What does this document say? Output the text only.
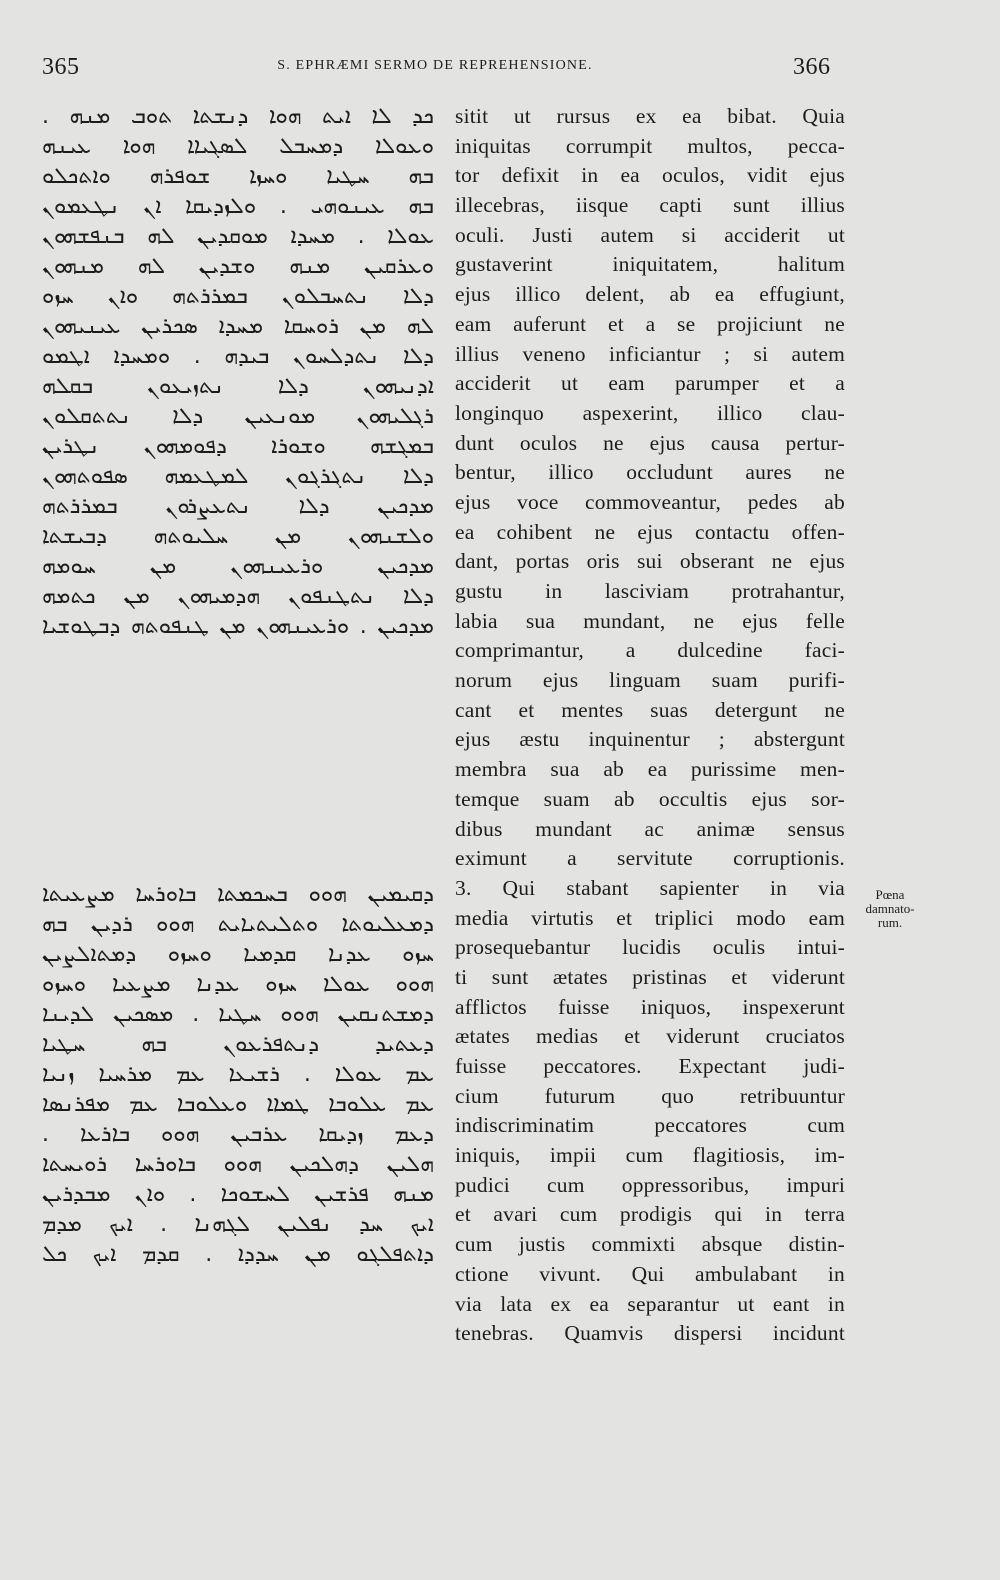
365	S. EPHRÆMI SERMO DE REPREHENSIONE.	366
ܟܕ ܠܐ ܐܝܬ ܗܘܐ ܕܢܫܬܐ ܬܘܒ ܡܢܗ .
ܘܥܘܠܐ ܕܡܚܒܠ ܠܣܓܝܐܐ ܗܘܐ ܥܝܢܗ
ܒܗ ܚܛܝܐ ܘܚܙܐ ܫܘܦܪܗ ܘܐܬܟܠܘ
ܒܗ ܥܝܢܘܗܝ . ܘܠܙܕܝܩܐ ܐܢ ܢܛܥܡܘܢ
ܥܘܠܐ . ܡܚܕܐ ܡܘܩܕܝܢ ܠܗ ܒܢܦܫܗܘܢ
ܘܥܪܩܝܢ ܡܢܗ ܘܫܕܝܢ ܠܗ ܡܢܗܘܢ
ܕܠܐ ܢܬܚܒܠܘܢ ܒܡܪܪܬܗ ܘܐܢ ܚܙܘ
ܠܗ ܡܢ ܪܘܚܩܐ ܡܚܕܐ ܣܟܪܝܢ ܥܝܢܝܗܘܢ
ܕܠܐ ܢܬܕܠܚܘܢ ܒܝܕܗ . ܘܡܚܕܐ ܐܛܡܘ
ܐܕܢܝܗܘܢ ܕܠܐ ܢܬܙܝܥܘܢ ܒܩܠܗ
ܪܓܠܝܗܘܢ ܡܘܢܥܝܢ ܕܠܐ ܢܬܬܩܠܘܢ
ܒܡܓܫܗ ܘܫܘܪܐ ܕܦܘܡܗܘܢ ܢܛܪܝܢ
ܕܠܐ ܢܬܓܪܓܘܢ ܠܡܛܥܡܗ ܣܦܘܬܗܘܢ
ܡܕܟܝܢ ܕܠܐ ܢܬܥܨܪܘܢ ܒܡܪܪܬܗ
ܘܠܫܢܗܘܢ ܡܢ ܚܠܝܘܬܗ ܕܒܝܫܬܐ
ܡܕܟܝܢ ܘܪܥܝܢܗܘܢ ܡܢ ܚܘܡܗ
ܕܠܐ ܢܬܛܢܦܘܢ ܗܕܡܝܗܘܢ ܡܢ ܟܬܡܗ
ܡܕܟܝܢ . ܘܪܥܝܢܗܘܢ ܡܢ ܛܢܦܘܬܗ ܕܒܛܘܫܝܐ
ܕܩܝܡܝܢ ܗܘܘ ܒܚܟܡܬܐ ܒܐܘܪܚܐ ܡܨܥܝܬܐ
ܕܡܥܠܝܘܬܐ ܘܬܠܝܬܝܐܝܬ ܗܘܘ ܪܕܝܢ ܒܗ
ܚܙܘ ܥܕܢܐ ܩܕܡܝܐ ܘܚܙܘ ܕܡܬܐܠܨܝܢ
ܗܘܘ ܥܘܠܐ ܚܙܘ ܥܕܢܐ ܡܨܥܝܐ ܘܚܙܘ
ܕܡܫܬܢܩܝܢ ܗܘܘ ܚܛܝܐ . ܡܣܟܝܢ ܠܕܝܢܐ
ܕܥܬܝܕ ܕܢܬܦܪܥܘܢ ܒܗ ܚܛܝܐ
ܥܡ ܥܘܠܐ . ܪܫܝܥܐ ܥܡ ܡܪܚܝܐ ܙܢܝܐ
ܥܡ ܥܠܘܒܐ ܛܡܐܐ ܘܥܠܘܒܐ ܥܡ ܡܦܪܢܣܐ
ܕܥܡ ܙܕܝܩܐ ܥܪܒܝܢ ܗܘܘ ܒܐܪܥܐ .
ܗܠܝܢ ܕܗܠܟܝܢ ܗܘܘ ܒܐܘܪܚܐ ܪܘܝܚܬܐ
ܡܢܗ ܦܪܫܝܢ ܠܚܫܘܟܐ . ܘܐܢ ܡܒܕܪܝܢ
ܐܝܟ ܚܕ ܢܦܠܝܢ ܠܓܗܢܐ . ܐܝܟ ܡܕܡ
ܕܐܬܦܠܓܘ ܡܢ ܚܕܕܐ . ܩܕܡ ܐܝܟ ܟܠ
sitit ut rursus ex ea bibat. Quia
iniquitas corrumpit multos, pecca-
tor defixit in ea oculos, vidit ejus
illecebras, iisque capti sunt illius
oculi. Justi autem si acciderit ut
gustaverint iniquitatem, halitum
ejus illico delent, ab ea effugiunt,
eam auferunt et a se projiciunt ne
illius veneno inficiantur ; si autem
acciderit ut eam parumper et a
longinquo aspexerint, illico clau-
dunt oculos ne ejus causa pertur-
bentur, illico occludunt aures ne
ejus voce commoveantur, pedes ab
ea cohibent ne ejus contactu offen-
dant, portas oris sui obserant ne ejus
gustu in lasciviam protrahantur,
labia sua mundant, ne ejus felle
comprimantur, a dulcedine faci-
norum ejus linguam suam purifi-
cant et mentes suas detergunt ne
ejus æstu inquinentur ; abstergunt
membra sua ab ea purissime men-
temque suam ab occultis ejus sor-
dibus mundant ac animæ sensus
eximunt a servitute corruptionis.
3. Qui stabant sapienter in via
media virtutis et triplici modo eam
prosequebantur lucidis oculis intui-
ti sunt ætates pristinas et viderunt
afflictos fuisse iniquos, inspexerunt
ætates medias et viderunt cruciatos
fuisse peccatores. Expectant judi-
cium futurum quo retribuuntur
indiscriminatim peccatores cum
iniquis, impii cum flagitiosis, im-
pudici cum oppressoribus, impuri
et avari cum prodigis qui in terra
cum justis commixti absque distin-
ctione vivunt. Qui ambulabant in
via lata ex ea separantur ut eant in
tenebras. Quamvis dispersi incidunt
Pœna
damnato-
rum.
